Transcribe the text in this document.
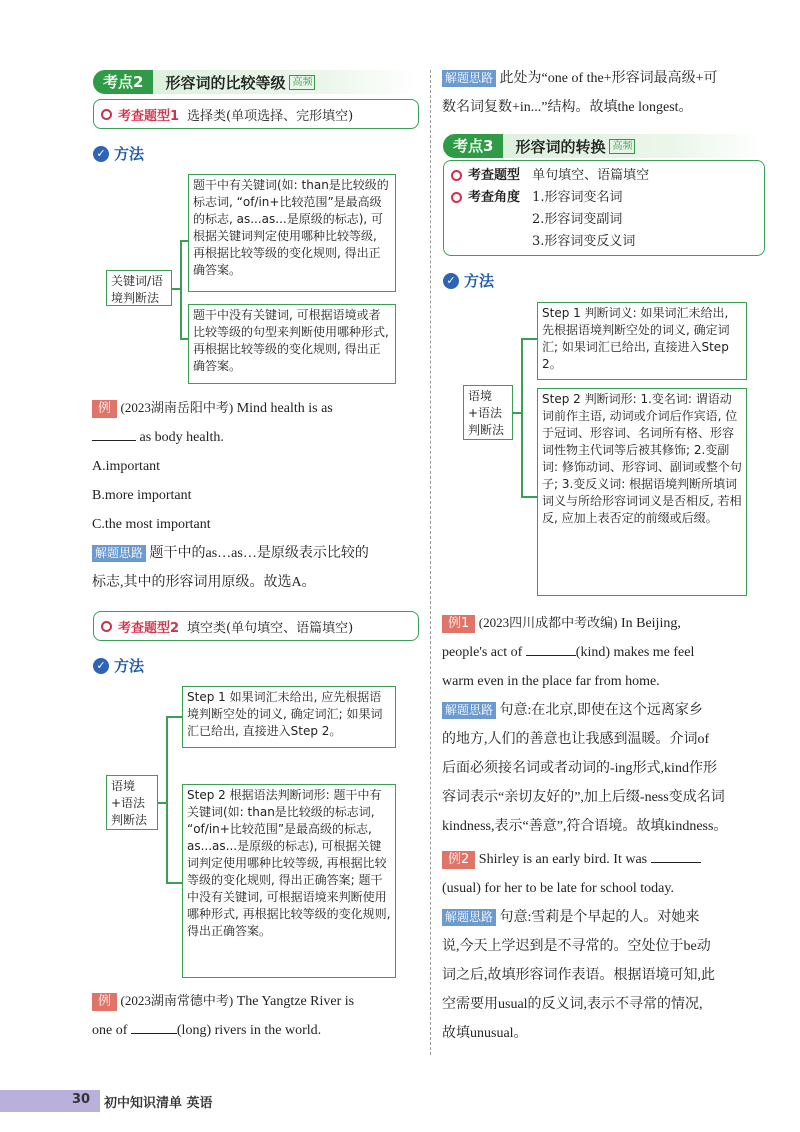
考点2	形容词的比较等级 高频
考查题型1 选择类(单项选择、完形填空)
✓ 方法
关键词/语境判断法
题干中有关键词(如: than是比较级的标志词, “of/in+比较范围”是最高级的标志, as...as...是原级的标志), 可根据关键词判定使用哪种比较等级, 再根据比较等级的变化规则, 得出正确答案。
题干中没有关键词, 可根据语境或者比较等级的句型来判断使用哪种形式, 再根据比较等级的变化规则, 得出正确答案。
例 (2023湖南岳阳中考) Mind health is as
as body health.
A.important
B.more important
C.the most important
解题思路 题干中的as…as…是原级表示比较的
标志,其中的形容词用原级。故选A。
考查题型2 填空类(单句填空、语篇填空)
✓ 方法
语境+语法判断法
Step 1 如果词汇未给出, 应先根据语境判断空处的词义, 确定词汇; 如果词汇已给出, 直接进入Step 2。
Step 2 根据语法判断词形: 题干中有关键词(如: than是比较级的标志词, “of/in+比较范围”是最高级的标志, as...as...是原级的标志), 可根据关键词判定使用哪种比较等级, 再根据比较等级的变化规则, 得出正确答案; 题干中没有关键词, 可根据语境来判断使用哪种形式, 再根据比较等级的变化规则, 得出正确答案。
例 (2023湖南常德中考) The Yangtze River is
one of	(long) rivers in the world.
解题思路 此处为“one of the+形容词最高级+可
数名词复数+in...”结构。故填the longest。
考点3	形容词的转换 高频
考查题型 单句填空、语篇填空
考查角度 1.形容词变名词
2.形容词变副词
3.形容词变反义词
✓ 方法
语境+语法判断法
Step 1 判断词义: 如果词汇未给出, 先根据语境判断空处的词义, 确定词汇; 如果词汇已给出, 直接进入Step 2。
Step 2 判断词形: 1.变名词: 谓语动词前作主语, 动词或介词后作宾语, 位于冠词、形容词、名词所有格、形容词性物主代词等后被其修饰; 2.变副词: 修饰动词、形容词、副词或整个句子; 3.变反义词: 根据语境判断所填词词义与所给形容词词义是否相反, 若相反, 应加上表否定的前缀或后缀。
例1 (2023四川成都中考改编) In Beijing,
people's act of	(kind) makes me feel
warm even in the place far from home.
解题思路 句意:在北京,即使在这个远离家乡
的地方,人们的善意也让我感到温暖。介词of
后面必须接名词或者动词的-ing形式,kind作形
容词表示“亲切友好的”,加上后缀-ness变成名词
kindness,表示“善意”,符合语境。故填kindness。
例2 Shirley is an early bird. It was
(usual) for her to be late for school today.
解题思路 句意:雪莉是个早起的人。对她来
说,今天上学迟到是不寻常的。空处位于be动
词之后,故填形容词作表语。根据语境可知,此
空需要用usual的反义词,表示不寻常的情况,
故填unusual。
30 初中知识清单 英语
